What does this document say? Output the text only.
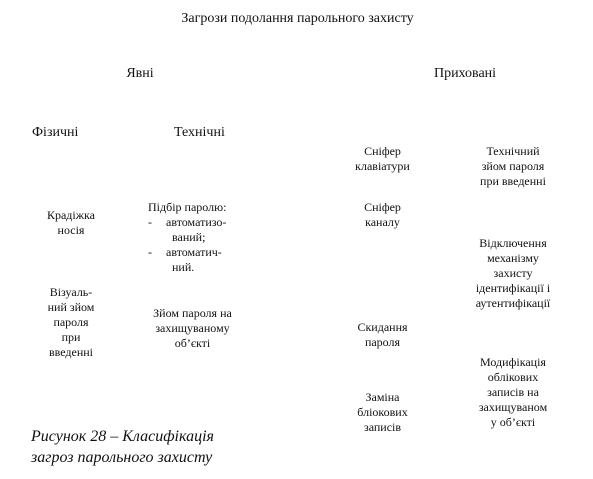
Загрози подолання парольного захисту
Явні	Приховані
Фізичні	Технічні
Крадіжка
носія
Візуаль-
ний зйом
пароля
при
введенні
Підбір паролю:
- автоматизо-
ваний;
- автоматич-
ний.
Зйом пароля на
захищуваному
об’єкті
Сніфер
клавіатури
Сніфер
каналу
Скидання
пароля
Заміна
бліокових
записів
Технічний
зйом пароля
при введенні
Відключення
механізму
захисту
ідентифікації і
аутентифікації
Модифікація
облікових
записів на
захищуваном
у об’єкті
Рисунок 28 – Класифікація
загроз парольного захисту
